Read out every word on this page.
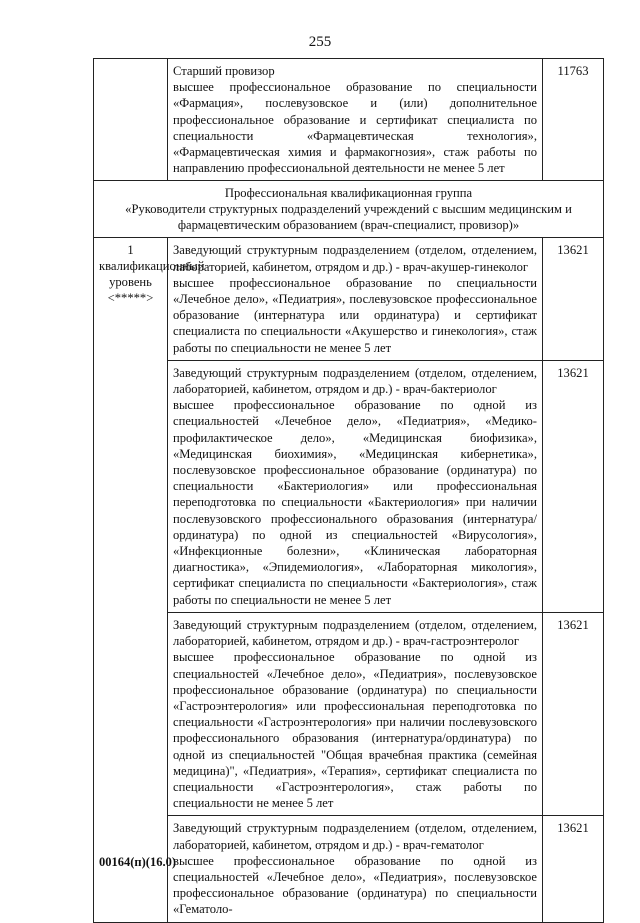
255

	Старший провизор
высшее профессиональное образование по специальности «Фармация», послевузовское и (или) дополнительное профессиональное образование и сертификат специалиста по специальности «Фармацевтическая технология», «Фармацевтическая химия и фармакогнозия», стаж работы по направлению профессиональной деятельности не менее 5 лет	11763

Профессиональная квалификационная группа
«Руководители структурных подразделений учреждений с высшим медицинским и фармацевтическим образованием (врач-специалист, провизор)»		

1 квалификационный уровень <*****>	Заведующий структурным подразделением (отделом, отделением, лабораторией, кабинетом, отрядом и др.) - врач-акушер-гинеколог
высшее профессиональное образование по специальности «Лечебное дело», «Педиатрия», послевузовское профессиональное образование (интернатура или ординатура) и сертификат специалиста по специальности «Акушерство и гинекология», стаж работы по специальности не менее 5 лет	13621

	Заведующий структурным подразделением (отделом, отделением, лабораторией, кабинетом, отрядом и др.) - врач-бактериолог
высшее профессиональное образование по одной из специальностей «Лечебное дело», «Педиатрия», «Медико-профилактическое дело», «Медицинская биофизика», «Медицинская биохимия», «Медицинская кибернетика», послевузовское профессиональное образование (ординатура) по специальности «Бактериология» или профессиональная переподготовка по специальности «Бактериология» при наличии послевузовского профессионального образования (интернатура/ординатура) по одной из специальностей «Вирусология», «Инфекционные болезни», «Клиническая лабораторная диагностика», «Эпидемиология», «Лабораторная микология», сертификат специалиста по специальности «Бактериология», стаж работы по специальности не менее 5 лет	13621

	Заведующий структурным подразделением (отделом, отделением, лабораторией, кабинетом, отрядом и др.) - врач-гастроэнтеролог
высшее профессиональное образование по одной из специальностей «Лечебное дело», «Педиатрия», послевузовское профессиональное образование (ординатура) по специальности «Гастроэнтерология» или профессиональная переподготовка по специальности «Гастроэнтерология» при наличии послевузовского профессионального образования (интернатура/ординатура) по одной из специальностей "Общая врачебная практика (семейная медицина)", «Педиатрия», «Терапия», сертификат специалиста по специальности «Гастроэнтерология», стаж работы по специальности не менее 5 лет	13621

	Заведующий структурным подразделением (отделом, отделением, лабораторией, кабинетом, отрядом и др.) - врач-гематолог
высшее профессиональное образование по одной из специальностей «Лечебное дело», «Педиатрия», послевузовское профессиональное образование (ординатура) по специальности «Гематоло-	13621
00164(п)(16.0)
